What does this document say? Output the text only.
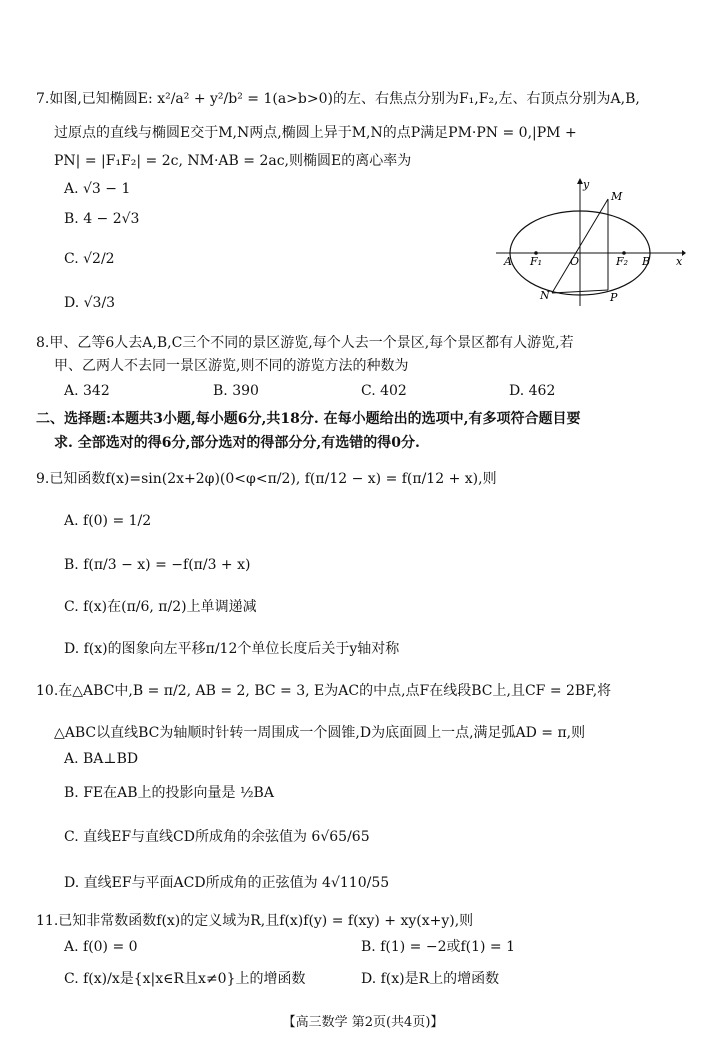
7.如图,已知椭圆E: x²/a² + y²/b² = 1(a>b>0)的左、右焦点分别为F₁,F₂,左、右顶点分别为A,B,
过原点的直线与椭圆E交于M,N两点,椭圆上异于M,N的点P满足PM·PN = 0,|PM +
PN| = |F₁F₂| = 2c, NM·AB = 2ac,则椭圆E的离心率为
A. √3 − 1
B. 4 − 2√3
C. √2/2
D. √3/3
y
x
M
N	P
A	B
O
F₁	F₂
8.甲、乙等6人去A,B,C三个不同的景区游览,每个人去一个景区,每个景区都有人游览,若
甲、乙两人不去同一景区游览,则不同的游览方法的种数为
A. 342	B. 390	C. 402	D. 462
二、选择题:本题共3小题,每小题6分,共18分. 在每小题给出的选项中,有多项符合题目要
求. 全部选对的得6分,部分选对的得部分分,有选错的得0分.
9.已知函数f(x)=sin(2x+2φ)(0<φ<π/2), f(π/12 − x) = f(π/12 + x),则
A. f(0) = 1/2
B. f(π/3 − x) = −f(π/3 + x)
C. f(x)在(π/6, π/2)上单调递减
D. f(x)的图象向左平移π/12个单位长度后关于y轴对称
10.在△ABC中,B = π/2, AB = 2, BC = 3, E为AC的中点,点F在线段BC上,且CF = 2BF,将
△ABC以直线BC为轴顺时针转一周围成一个圆锥,D为底面圆上一点,满足弧AD = π,则
A. BA⊥BD
B. FE在AB上的投影向量是 ½BA
C. 直线EF与直线CD所成角的余弦值为 6√65/65
D. 直线EF与平面ACD所成角的正弦值为 4√110/55
11.已知非常数函数f(x)的定义域为R,且f(x)f(y) = f(xy) + xy(x+y),则
A. f(0) = 0	B. f(1) = −2或f(1) = 1
C. f(x)/x是{x|x∈R且x≠0}上的增函数	D. f(x)是R上的增函数
【高三数学 第2页(共4页)】
